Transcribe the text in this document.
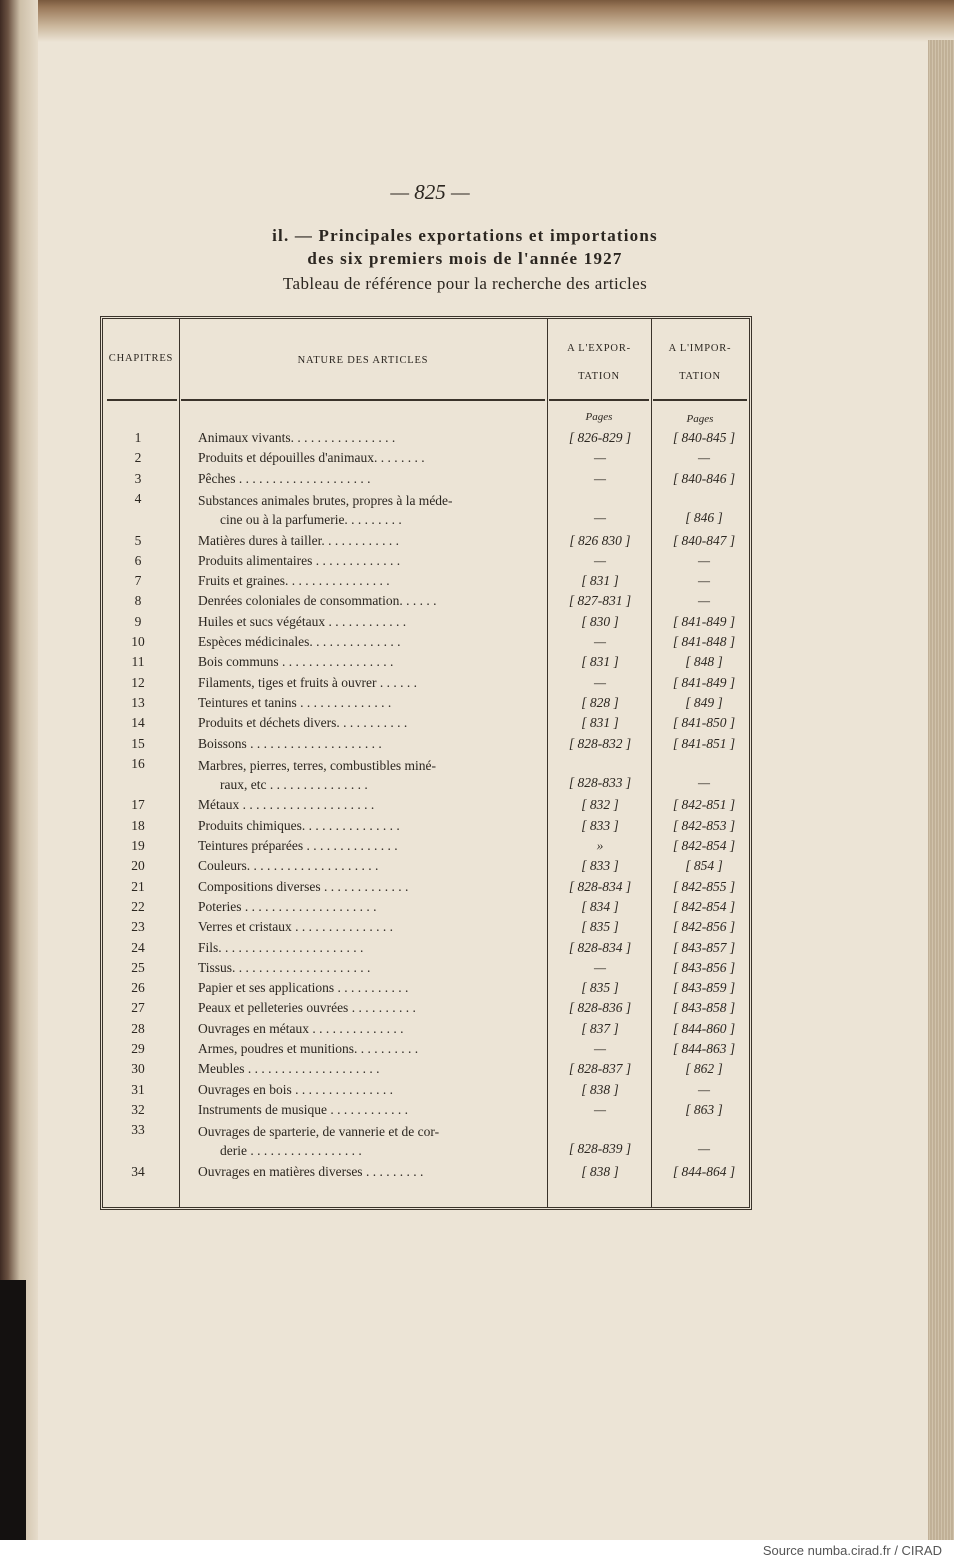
— 825 —
il. — Principales exportations et importations
des six premiers mois de l'année 1927
Tableau de référence pour la recherche des articles
CHAPITRES	NATURE DES ARTICLES
A L'EXPOR-
TATION
A L'IMPOR-
TATION
Pages	Pages
1	Animaux vivants. . . . . . . . . . . . . . . .	[ 826-829 ]	[ 840-845 ]
2	Produits et dépouilles d'animaux. . . . . . . .	—	—
3	Pêches . . . . . . . . . . . . . . . . . . . .	—	[ 840-846 ]
4	Substances animales brutes, propres à la méde-
cine ou à la parfumerie. . . . . . . . .	—	[ 846 ]
5	Matières dures à tailler. . . . . . . . . . . .	[ 826 830 ]	[ 840-847 ]
6	Produits alimentaires . . . . . . . . . . . . .	—	—
7	Fruits et graines. . . . . . . . . . . . . . . .	[ 831 ]	—
8	Denrées coloniales de consommation. . . . . .	[ 827-831 ]	—
9	Huiles et sucs végétaux . . . . . . . . . . . .	[ 830 ]	[ 841-849 ]
10	Espèces médicinales. . . . . . . . . . . . . .	—	[ 841-848 ]
11	Bois communs . . . . . . . . . . . . . . . . .	[ 831 ]	[ 848 ]
12	Filaments, tiges et fruits à ouvrer . . . . . .	—	[ 841-849 ]
13	Teintures et tanins . . . . . . . . . . . . . .	[ 828 ]	[ 849 ]
14	Produits et déchets divers. . . . . . . . . . .	[ 831 ]	[ 841-850 ]
15	Boissons . . . . . . . . . . . . . . . . . . . .	[ 828-832 ]	[ 841-851 ]
16	Marbres, pierres, terres, combustibles miné-
raux, etc . . . . . . . . . . . . . . .	[ 828-833 ]	—
17	Métaux . . . . . . . . . . . . . . . . . . . .	[ 832 ]	[ 842-851 ]
18	Produits chimiques. . . . . . . . . . . . . . .	[ 833 ]	[ 842-853 ]
19	Teintures préparées . . . . . . . . . . . . . .	»	[ 842-854 ]
20	Couleurs. . . . . . . . . . . . . . . . . . . .	[ 833 ]	[ 854 ]
21	Compositions diverses . . . . . . . . . . . . .	[ 828-834 ]	[ 842-855 ]
22	Poteries . . . . . . . . . . . . . . . . . . . .	[ 834 ]	[ 842-854 ]
23	Verres et cristaux . . . . . . . . . . . . . . .	[ 835 ]	[ 842-856 ]
24	Fils. . . . . . . . . . . . . . . . . . . . . .	[ 828-834 ]	[ 843-857 ]
25	Tissus. . . . . . . . . . . . . . . . . . . . .	—	[ 843-856 ]
26	Papier et ses applications . . . . . . . . . . .	[ 835 ]	[ 843-859 ]
27	Peaux et pelleteries ouvrées . . . . . . . . . .	[ 828-836 ]	[ 843-858 ]
28	Ouvrages en métaux . . . . . . . . . . . . . .	[ 837 ]	[ 844-860 ]
29	Armes, poudres et munitions. . . . . . . . . .	—	[ 844-863 ]
30	Meubles . . . . . . . . . . . . . . . . . . . .	[ 828-837 ]	[ 862 ]
31	Ouvrages en bois . . . . . . . . . . . . . . .	[ 838 ]	—
32	Instruments de musique . . . . . . . . . . . .	—	[ 863 ]
33	Ouvrages de sparterie, de vannerie et de cor-
derie . . . . . . . . . . . . . . . . .	[ 828-839 ]	—
34	Ouvrages en matières diverses . . . . . . . . .	[ 838 ]	[ 844-864 ]
Source numba.cirad.fr / CIRAD
